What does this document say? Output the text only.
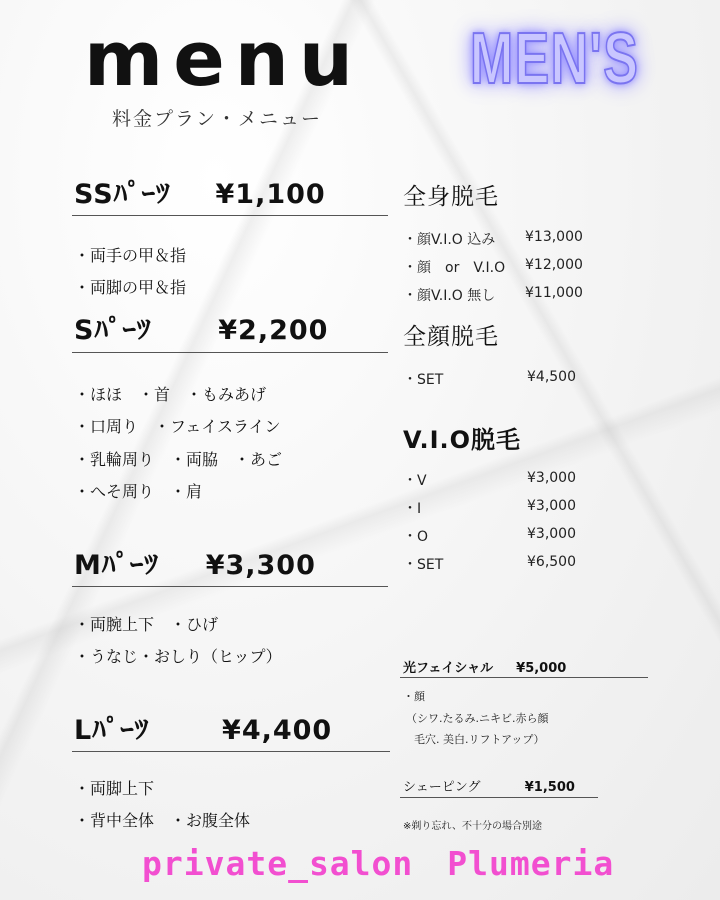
menu
料金プラン・メニュー
MEN'S
SSﾊﾟｰﾂ ¥1,100
・両手の甲＆指
・両脚の甲＆指
Sﾊﾟｰﾂ ¥2,200
・ほほ　・首　・もみあげ
・口周り　・フェイスライン
・乳輪周り　・両脇　・あご
・へそ周り　・肩
Mﾊﾟｰﾂ ¥3,300
・両腕上下　・ひげ
・うなじ・おしり（ヒップ）
Lﾊﾟｰﾂ	¥4,400
・両脚上下
・背中全体　・お腹全体
全身脱毛
・顔V.I.O 込み ¥13,000
・顔　or　V.I.O ¥12,000
・顔V.I.O 無し ¥11,000
全顔脱毛
・SET	¥4,500
V.I.O脱毛
・V	¥3,000
・I	¥3,000
・O	¥3,000
・SET	¥6,500
光フェイシャル ¥5,000
・顔
（シワ.たるみ.ニキビ.赤ら顔
毛穴. 美白.リフトアップ）
シェーピング	¥1,500
※剃り忘れ、不十分の場合別途
private_salon　Plumeria
